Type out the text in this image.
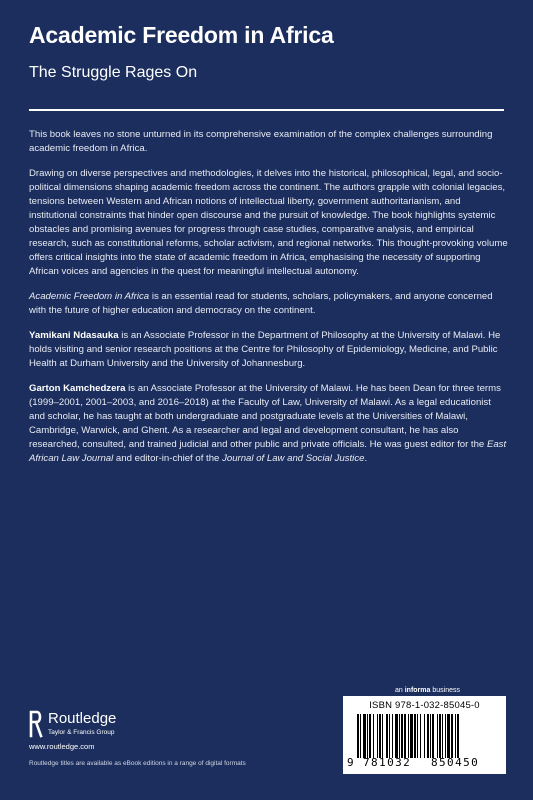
Academic Freedom in Africa
The Struggle Rages On

This book leaves no stone unturned in its comprehensive examination of the complex challenges surrounding academic freedom in Africa.

Drawing on diverse perspectives and methodologies, it delves into the historical, philosophical, legal, and socio-political dimensions shaping academic freedom across the continent. The authors grapple with colonial legacies, tensions between Western and African notions of intellectual liberty, government authoritarianism, and institutional constraints that hinder open discourse and the pursuit of knowledge. The book highlights systemic obstacles and promising avenues for progress through case studies, comparative analysis, and empirical research, such as constitutional reforms, scholar activism, and regional networks. This thought-provoking volume offers critical insights into the state of academic freedom in Africa, emphasising the necessity of supporting African voices and agencies in the quest for meaningful intellectual autonomy.

Academic Freedom in Africa is an essential read for students, scholars, policymakers, and anyone concerned with the future of higher education and democracy on the continent.

Yamikani Ndasauka is an Associate Professor in the Department of Philosophy at the University of Malawi. He holds visiting and senior research positions at the Centre for Philosophy of Epidemiology, Medicine, and Public Health at Durham University and the University of Johannesburg.

Garton Kamchedzera is an Associate Professor at the University of Malawi. He has been Dean for three terms (1999–2001, 2001–2003, and 2016–2018) at the Faculty of Law, University of Malawi. As a legal educationist and scholar, he has taught at both undergraduate and postgraduate levels at the Universities of Malawi, Cambridge, Warwick, and Ghent. As a researcher and legal and development consultant, he has also researched, consulted, and trained judicial and other public and private officials. He was guest editor for the East African Law Journal and editor-in-chief of the Journal of Law and Social Justice.

an informa business
ISBN 978-1-032-85045-0
9 781032 850450
Routledge
Taylor & Francis Group
www.routledge.com
Routledge titles are available as eBook editions in a range of digital formats
